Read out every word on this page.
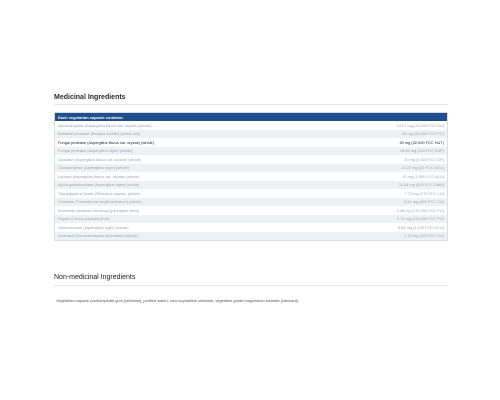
Medicinal Ingredients
Each vegetarian capsule contains:	
Alpha-amylase (Aspergillus flavus var. oryzae) (whole)	14.07 mg (11,000 FCC DU)
Bacterial protease (Bacillus subtilis) (whole cell)	38 mg (58,000 FCC PC)
Fungal protease (Aspergillus flavus var. oryzae) (whole)	40 mg (32,000 FCC HUT)
Fungal protease (Aspergillus niger) (whole)	25.54 mg (115 FCC SAP)
Diastase (Aspergillus flavus var. oryzae) (whole)	20 mg (4,000 FCC DP)
Glucoamylase (Aspergillus niger) (whole)	15.27 mg (22 FCC AGU)
Lactase (Aspergillus flavus var. oryzae) (whole)	10 mg (1,500 FCC ALU)
Alpha-galactosidase (Aspergillus niger) (whole)	11.56 mg (200 FCC GalU)
Triacylglycerol lipase (Rhizopus oryzae) (whole)	7.72 mg (270 FCC LU)
Cellulase (Trichoderma longibrachiatum) (whole)	3.41 mg (400 FCC CU)
Bromelain (Ananas comosus) (pineapple stem)	0.48 mg (175,000 FCC PU)
Papain (Carica papaya) (fruit)	0.74 mg (115,000 FCC PU)
Hemicellulase (Aspergillus niger) (whole)	5.64 mg (1,100 FCC HCU)
Invertase (Saccharomyces cerevisiae) (whole)	1.75 mg (220 FCC SU)
Non-medicinal Ingredients

Vegetarian capsule (carbohydrate gum [cellulose], purified water), microcrystalline cellulose, vegetable grade magnesium stearate (lubricant).
